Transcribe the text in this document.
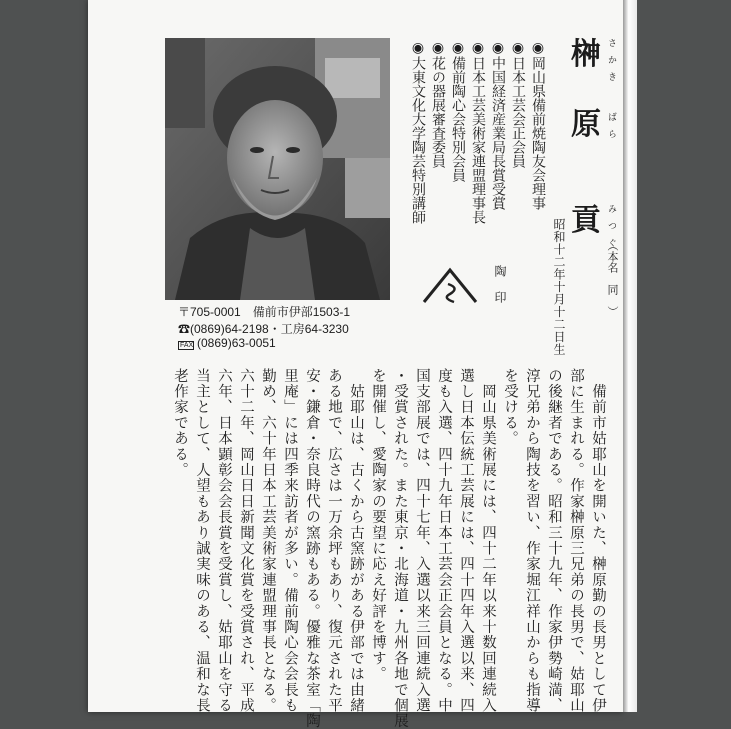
榊
原
貢
さかき
ばら
みつぐ
（本名　同　）
昭和十二年十月十二日生
◉岡山県備前焼陶友会理事
◉日本工芸会正会員
◉中国経済産業局長賞受賞
◉日本工芸美術家連盟理事長
◉備前陶心会特別会員
◉花の器展審査委員
◉大東文化大学陶芸特別講師
陶印
〒705-0001　備前市伊部1503-1
☎(0869)64-2198・工房64-3230
FAX (0869)63-0051
　備前市姑耶山を開いた、榊原勤の長男として伊
部に生まれる。作家榊原三兄弟の長男で、姑耶山
の後継者である。昭和三十九年、作家伊勢崎満、
淳兄弟から陶技を習い、作家堀江祥山からも指導
を受ける。
　岡山県美術展には、四十二年以来十数回連続入
選し日本伝統工芸展には、四十四年入選以来、四
度も入選、四十九年日本工芸会正会員となる。中
国支部展では、四十七年、入選以来三回連続入選
・受賞された。また東京・北海道・九州各地で個展
を開催し、愛陶家の要望に応え好評を博す。
　姑耶山は、古くから古窯跡がある伊部では由緒
ある地で、広さは一万余坪もあり、復元された平
安・鎌倉・奈良時代の窯跡もある。優雅な茶室「陶
里庵」には四季来訪者が多い。備前陶心会会長も
勤め、六十年日本工芸美術家連盟理事長となる。
六十二年、岡山日日新聞文化賞を受賞され、平成
六年、日本顕彰会会長賞を受賞し、姑耶山を守る
当主として、人望もあり誠実味のある、温和な長
老作家である。
